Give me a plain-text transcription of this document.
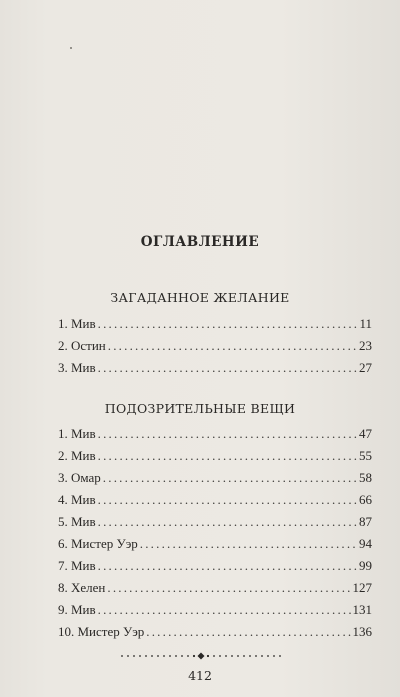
ОГЛАВЛЕНИЕ
ЗАГАДАННОЕ ЖЕЛАНИЕ
1. Мив .....	11
2. Остин .....	23
3. Мив .....	27
ПОДОЗРИТЕЛЬНЫЕ ВЕЩИ
1. Мив .....	47
2. Мив .....	55
3. Омар .....	58
4. Мив .....	66
5. Мив .....	87
6. Мистер Уэр .....	94
7. Мив .....	99
8. Хелен .....	127
9. Мив .....	131
10. Мистер Уэр .....	136
412
